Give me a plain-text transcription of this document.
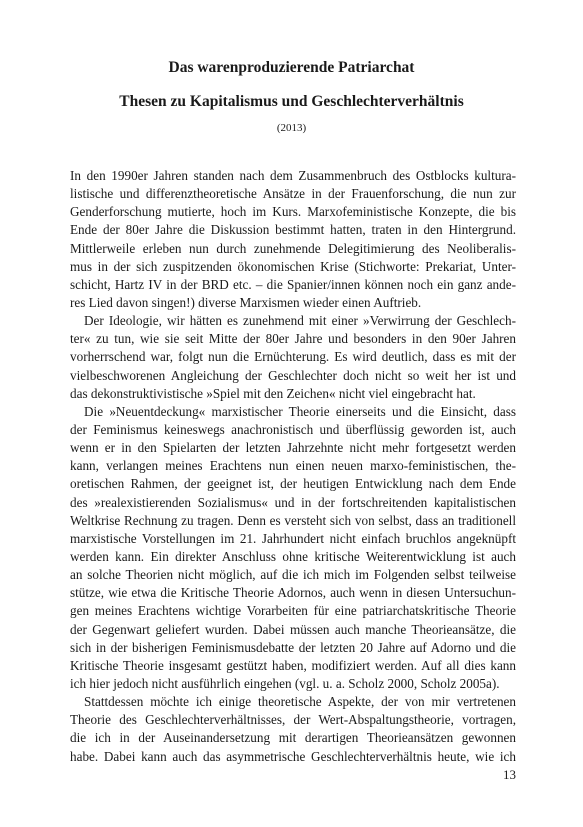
Das warenproduzierende Patriarchat
Thesen zu Kapitalismus und Geschlechterverhältnis
(2013)
In den 1990er Jahren standen nach dem Zusammenbruch des Ostblocks kultura-
listische und differenztheoretische Ansätze in der Frauenforschung, die nun zur
Genderforschung mutierte, hoch im Kurs. Marxofeministische Konzepte, die bis
Ende der 80er Jahre die Diskussion bestimmt hatten, traten in den Hintergrund.
Mittlerweile erleben nun durch zunehmende Delegitimierung des Neoliberalis-
mus in der sich zuspitzenden ökonomischen Krise (Stichworte: Prekariat, Unter-
schicht, Hartz IV in der BRD etc. – die Spanier/innen können noch ein ganz ande-
res Lied davon singen!) diverse Marxismen wieder einen Auftrieb.
Der Ideologie, wir hätten es zunehmend mit einer »Verwirrung der Geschlech-
ter« zu tun, wie sie seit Mitte der 80er Jahre und besonders in den 90er Jahren
vorherrschend war, folgt nun die Ernüchterung. Es wird deutlich, dass es mit der
vielbeschworenen Angleichung der Geschlechter doch nicht so weit her ist und
das dekonstruktivistische »Spiel mit den Zeichen« nicht viel eingebracht hat.
Die »Neuentdeckung« marxistischer Theorie einerseits und die Einsicht, dass
der Feminismus keineswegs anachronistisch und überflüssig geworden ist, auch
wenn er in den Spielarten der letzten Jahrzehnte nicht mehr fortgesetzt werden
kann, verlangen meines Erachtens nun einen neuen marxo-feministischen, the-
oretischen Rahmen, der geeignet ist, der heutigen Entwicklung nach dem Ende
des »realexistierenden Sozialismus« und in der fortschreitenden kapitalistischen
Weltkrise Rechnung zu tragen. Denn es versteht sich von selbst, dass an traditionell
marxistische Vorstellungen im 21. Jahrhundert nicht einfach bruchlos angeknüpft
werden kann. Ein direkter Anschluss ohne kritische Weiterentwicklung ist auch
an solche Theorien nicht möglich, auf die ich mich im Folgenden selbst teilweise
stütze, wie etwa die Kritische Theorie Adornos, auch wenn in diesen Untersuchun-
gen meines Erachtens wichtige Vorarbeiten für eine patriarchatskritische Theorie
der Gegenwart geliefert wurden. Dabei müssen auch manche Theorieansätze, die
sich in der bisherigen Feminismusdebatte der letzten 20 Jahre auf Adorno und die
Kritische Theorie insgesamt gestützt haben, modifiziert werden. Auf all dies kann
ich hier jedoch nicht ausführlich eingehen (vgl. u. a. Scholz 2000, Scholz 2005a).
Stattdessen möchte ich einige theoretische Aspekte, der von mir vertretenen
Theorie des Geschlechterverhältnisses, der Wert-Abspaltungstheorie, vortragen,
die ich in der Auseinandersetzung mit derartigen Theorieansätzen gewonnen
habe. Dabei kann auch das asymmetrische Geschlechterverhältnis heute, wie ich
13
